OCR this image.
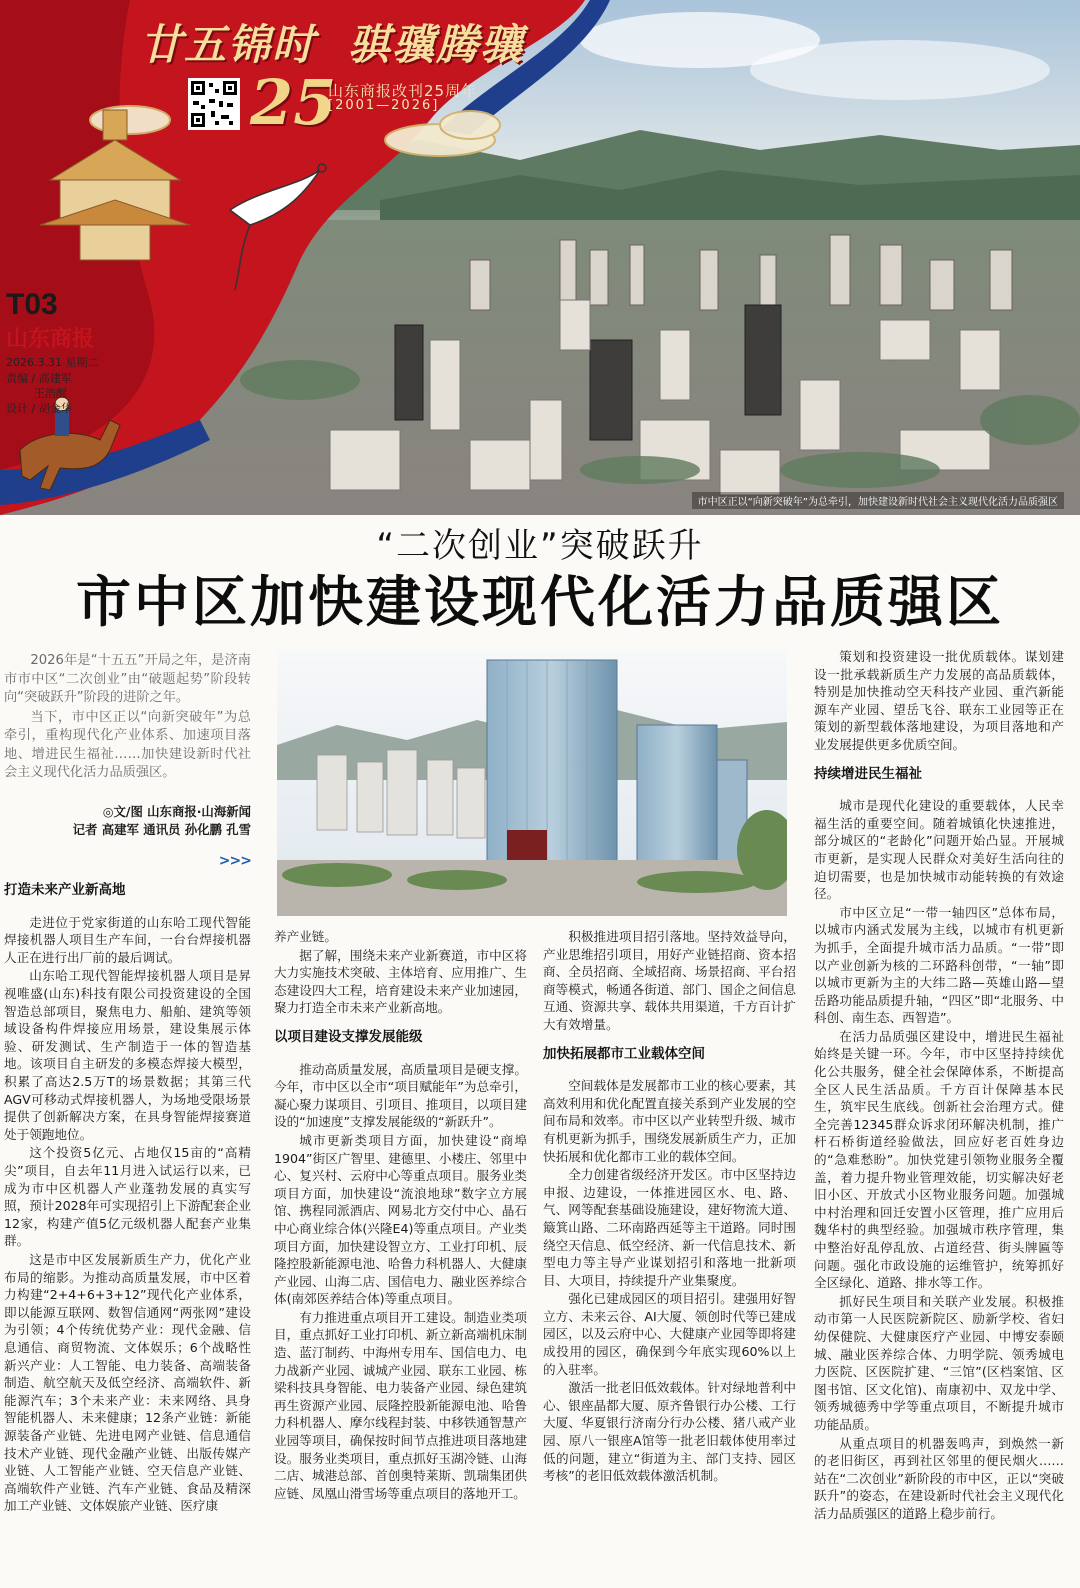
廿五锦时 骐骥腾骧
25
山东商报改刊25周年
[2001—2026]
T03
山东商报
2026.3.31 星期二
责编 / 高建军
王浩醒
设计 / 胡金华
市中区正以“向新突破年”为总牵引，加快建设新时代社会主义现代化活力品质强区
“二次创业”突破跃升
市中区加快建设现代化活力品质强区

2026年是“十五五”开局之年，是济南市市中区“二次创业”由“破题起势”阶段转向“突破跃升”阶段的进阶之年。

当下，市中区正以“向新突破年”为总牵引，重构现代化产业体系、加速项目落地、增进民生福祉……加快建设新时代社会主义现代化活力品质强区。

◎文/图 山东商报·山海新闻
记者 高建军 通讯员 孙化鹏 孔雪
>>>
打造未来产业新高地

走进位于党家街道的山东哈工现代智能焊接机器人项目生产车间，一台台焊接机器人正在进行出厂前的最后调试。

山东哈工现代智能焊接机器人项目是昇视唯盛(山东)科技有限公司投资建设的全国智造总部项目，聚焦电力、船舶、建筑等领域设备构件焊接应用场景，建设集展示体验、研发测试、生产制造于一体的智造基地。该项目自主研发的多模态焊接大模型，积累了高达2.5万T的场景数据；其第三代AGV可移动式焊接机器人，为场地受限场景提供了创新解决方案，在具身智能焊接赛道处于领跑地位。

这个投资5亿元、占地仅15亩的“高精尖”项目，自去年11月进入试运行以来，已成为市中区机器人产业蓬勃发展的真实写照，预计2028年可实现招引上下游配套企业12家，构建产值5亿元级机器人配套产业集群。

这是市中区发展新质生产力，优化产业布局的缩影。为推动高质量发展，市中区着力构建“2+4+6+3+12”现代化产业体系，即以能源互联网、数智信通网“两张网”建设为引领；4个传统优势产业：现代金融、信息通信、商贸物流、文体娱乐；6个战略性新兴产业：人工智能、电力装备、高端装备制造、航空航天及低空经济、高端软件、新能源汽车；3个未来产业：未来网络、具身智能机器人、未来健康；12条产业链：新能源装备产业链、先进电网产业链、信息通信技术产业链、现代金融产业链、出版传媒产业链、人工智能产业链、空天信息产业链、高端软件产业链、汽车产业链、食品及精深加工产业链、文体娱旅产业链、医疗康

养产业链。

据了解，围绕未来产业新赛道，市中区将大力实施技术突破、主体培育、应用推广、生态建设四大工程，培育建设未来产业加速园，聚力打造全市未来产业新高地。

以项目建设支撑发展能级

推动高质量发展，高质量项目是硬支撑。今年，市中区以全市“项目赋能年”为总牵引，凝心聚力谋项目、引项目、推项目，以项目建设的“加速度”支撑发展能级的“新跃升”。

城市更新类项目方面，加快建设“商埠1904”街区广智里、建德里、小楼庄、邻里中心、复兴村、云府中心等重点项目。服务业类项目方面，加快建设“流浪地球”数字立方展馆、携程同派酒店、网易北方交付中心、晶石中心商业综合体(兴隆E4)等重点项目。产业类项目方面，加快建设智立方、工业打印机、辰隆控股新能源电池、哈鲁力科机器人、大健康产业园、山海二店、国信电力、融业医养综合体(南郊医养结合体)等重点项目。

有力推进重点项目开工建设。制造业类项目，重点抓好工业打印机、新立新高端机床制造、蓝汀制药、中海州专用车、国信电力、电力战新产业园、诚城产业园、联东工业园、栋梁科技具身智能、电力装备产业园、绿色建筑再生资源产业园、辰隆控股新能源电池、哈鲁力科机器人、摩尔线程封装、中移铁通智慧产业园等项目，确保按时间节点推进项目落地建设。服务业类项目，重点抓好玉湖冷链、山海二店、城港总部、首创奥特莱斯、凯瑞集团供应链、凤凰山滑雪场等重点项目的落地开工。

积极推进项目招引落地。坚持效益导向，产业思维招引项目，用好产业链招商、资本招商、全员招商、全域招商、场景招商、平台招商等模式，畅通各街道、部门、国企之间信息互通、资源共享、载体共用渠道，千方百计扩大有效增量。

加快拓展都市工业载体空间

空间载体是发展都市工业的核心要素，其高效利用和优化配置直接关系到产业发展的空间布局和效率。市中区以产业转型升级、城市有机更新为抓手，围绕发展新质生产力，正加快拓展和优化都市工业的载体空间。

全力创建省级经济开发区。市中区坚持边申报、边建设，一体推进园区水、电、路、气、网等配套基础设施建设，建好物流大道、簸箕山路、二环南路西延等主干道路。同时围绕空天信息、低空经济、新一代信息技术、新型电力等主导产业谋划招引和落地一批新项目、大项目，持续提升产业集聚度。

强化已建成园区的项目招引。建强用好智立方、未来云谷、AI大厦、领创时代等已建成园区，以及云府中心、大健康产业园等即将建成投用的园区，确保到今年底实现60%以上的入驻率。

激活一批老旧低效载体。针对绿地普利中心、银座晶都大厦、原齐鲁银行办公楼、工行大厦、华夏银行济南分行办公楼、猪八戒产业园、原八一银座A馆等一批老旧载体使用率过低的问题，建立“街道为主、部门支持、园区考核”的老旧低效载体激活机制。

策划和投资建设一批优质载体。谋划建设一批承载新质生产力发展的高品质载体，特别是加快推动空天科技产业园、重汽新能源车产业园、望岳飞谷、联东工业园等正在策划的新型载体落地建设，为项目落地和产业发展提供更多优质空间。

持续增进民生福祉

城市是现代化建设的重要载体，人民幸福生活的重要空间。随着城镇化快速推进，部分城区的“老龄化”问题开始凸显。开展城市更新，是实现人民群众对美好生活向往的迫切需要，也是加快城市动能转换的有效途径。

市中区立足“一带一轴四区”总体布局，以城市内涵式发展为主线，以城市有机更新为抓手，全面提升城市活力品质。“一带”即以产业创新为核的二环路科创带，“一轴”即以城市更新为主的大纬二路—英雄山路—望岳路功能品质提升轴，“四区”即“北服务、中科创、南生态、西智造”。

在活力品质强区建设中，增进民生福祉始终是关键一环。今年，市中区坚持持续优化公共服务，健全社会保障体系，不断提高全区人民生活品质。千方百计保障基本民生，筑牢民生底线。创新社会治理方式。健全完善12345群众诉求闭环解决机制，推广杆石桥街道经验做法，回应好老百姓身边的“急难愁盼”。加快党建引领物业服务全覆盖，着力提升物业管理效能，切实解决好老旧小区、开放式小区物业服务问题。加强城中村治理和回迁安置小区管理，推广应用后魏华村的典型经验。加强城市秩序管理，集中整治好乱停乱放、占道经营、街头牌匾等问题。强化市政设施的运维管护，统筹抓好全区绿化、道路、排水等工作。

抓好民生项目和关联产业发展。积极推动市第一人民医院新院区、励新学校、省妇幼保健院、大健康医疗产业园、中博安泰颐城、融业医养综合体、力明学院、领秀城电力医院、区医院扩建、“三馆”(区档案馆、区图书馆、区文化馆)、南康初中、双龙中学、领秀城德秀中学等重点项目，不断提升城市功能品质。

从重点项目的机器轰鸣声，到焕然一新的老旧街区，再到社区邻里的便民烟火……站在“二次创业”新阶段的市中区，正以“突破跃升”的姿态，在建设新时代社会主义现代化活力品质强区的道路上稳步前行。
